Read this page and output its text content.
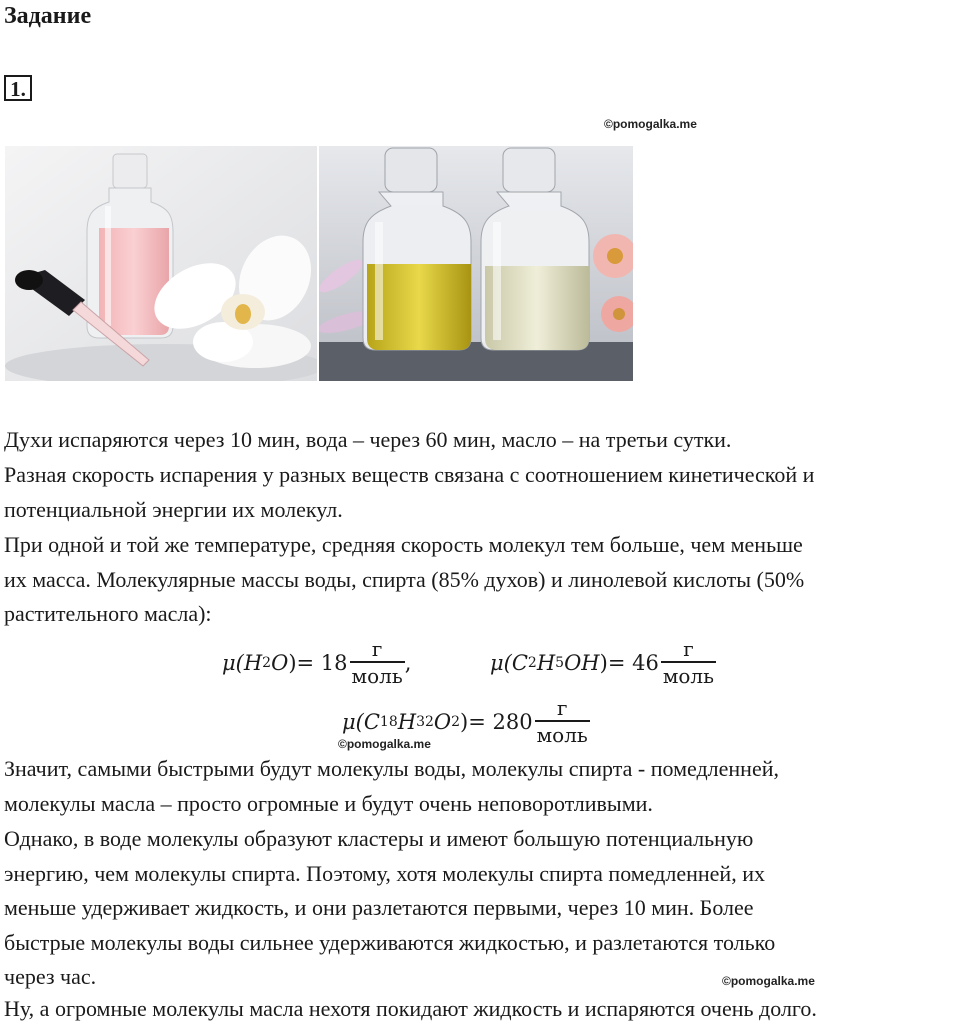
Задание
1.
©pomogalka.me
Духи испаряются через 10 мин, вода – через 60 мин, масло – на третьи сутки.
Разная скорость испарения у разных веществ связана с соотношением кинетической и
потенциальной энергии их молекул.
При одной и той же температуре, средняя скорость молекул тем больше, чем меньше
их масса. Молекулярные массы воды, спирта (85% духов) и линолевой кислоты (50%
растительного масла):
μ( H 2 O ) = $18 \frac{г}{\text{моль}}$ ,	μ( C 2 H 5 OH ) = $46 \frac{г}{\text{моль}}$
μ( C 18 H 32 O 2 ) = $280 \frac{г}{\text{моль}}$
©pomogalka.me
Значит, самыми быстрыми будут молекулы воды, молекулы спирта - помедленней,
молекулы масла – просто огромные и будут очень неповоротливыми.
Однако, в воде молекулы образуют кластеры и имеют большую потенциальную
энергию, чем молекулы спирта. Поэтому, хотя молекулы спирта помедленней, их
меньше удерживает жидкость, и они разлетаются первыми, через 10 мин. Более
быстрые молекулы воды сильнее удерживаются жидкостью, и разлетаются только
через час.	©pomogalka.me
Ну, а огромные молекулы масла нехотя покидают жидкость и испаряются очень долго.
